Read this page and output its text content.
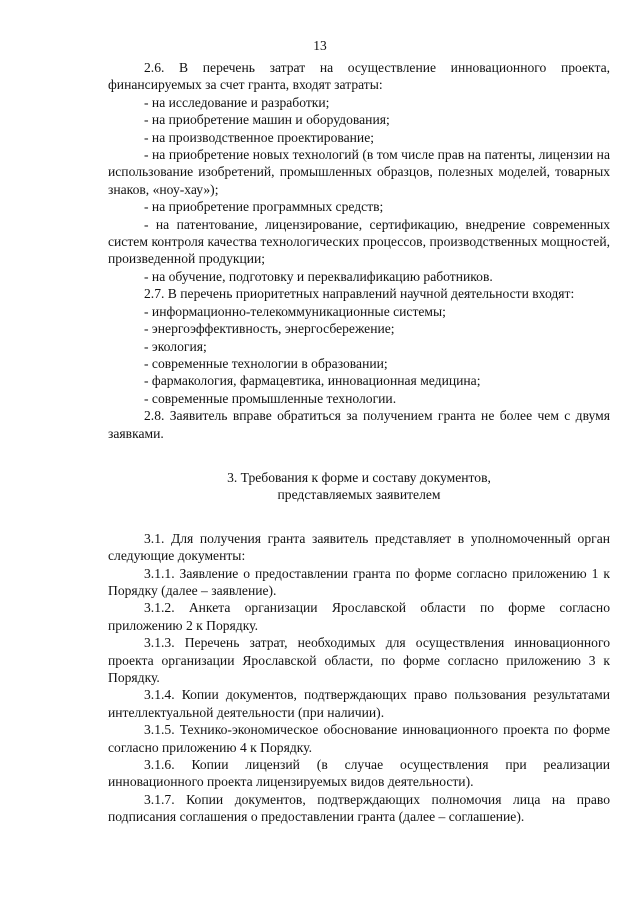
13

2.6. В перечень затрат на осуществление инновационного проекта, финансируемых за счет гранта, входят затраты:

- на исследование и разработки;

- на приобретение машин и оборудования;

- на производственное проектирование;

- на приобретение новых технологий (в том числе прав на патенты, лицензии на использование изобретений, промышленных образцов, полезных моделей, товарных знаков, «ноу-хау»);

- на приобретение программных средств;

- на патентование, лицензирование, сертификацию, внедрение современных систем контроля качества технологических процессов, производственных мощностей, произведенной продукции;

- на обучение, подготовку и переквалификацию работников.

2.7. В перечень приоритетных направлений научной деятельности входят:

- информационно-телекоммуникационные системы;

- энергоэффективность, энергосбережение;

- экология;

- современные технологии в образовании;

- фармакология, фармацевтика, инновационная медицина;

- современные промышленные технологии.

2.8. Заявитель вправе обратиться за получением гранта не более чем с двумя заявками.

3. Требования к форме и составу документов,
представляемых заявителем

3.1. Для получения гранта заявитель представляет в уполномоченный орган следующие документы:

3.1.1. Заявление о предоставлении гранта по форме согласно приложению 1 к Порядку (далее – заявление).

3.1.2. Анкета организации Ярославской области по форме согласно приложению 2 к Порядку.

3.1.3. Перечень затрат, необходимых для осуществления инновационного проекта организации Ярославской области, по форме согласно приложению 3 к Порядку.

3.1.4. Копии документов, подтверждающих право пользования результатами интеллектуальной деятельности (при наличии).

3.1.5. Технико-экономическое обоснование инновационного проекта по форме согласно приложению 4 к Порядку.

3.1.6. Копии лицензий (в случае осуществления при реализации инновационного проекта лицензируемых видов деятельности).

3.1.7. Копии документов, подтверждающих полномочия лица на право подписания соглашения о предоставлении гранта (далее – соглашение).
